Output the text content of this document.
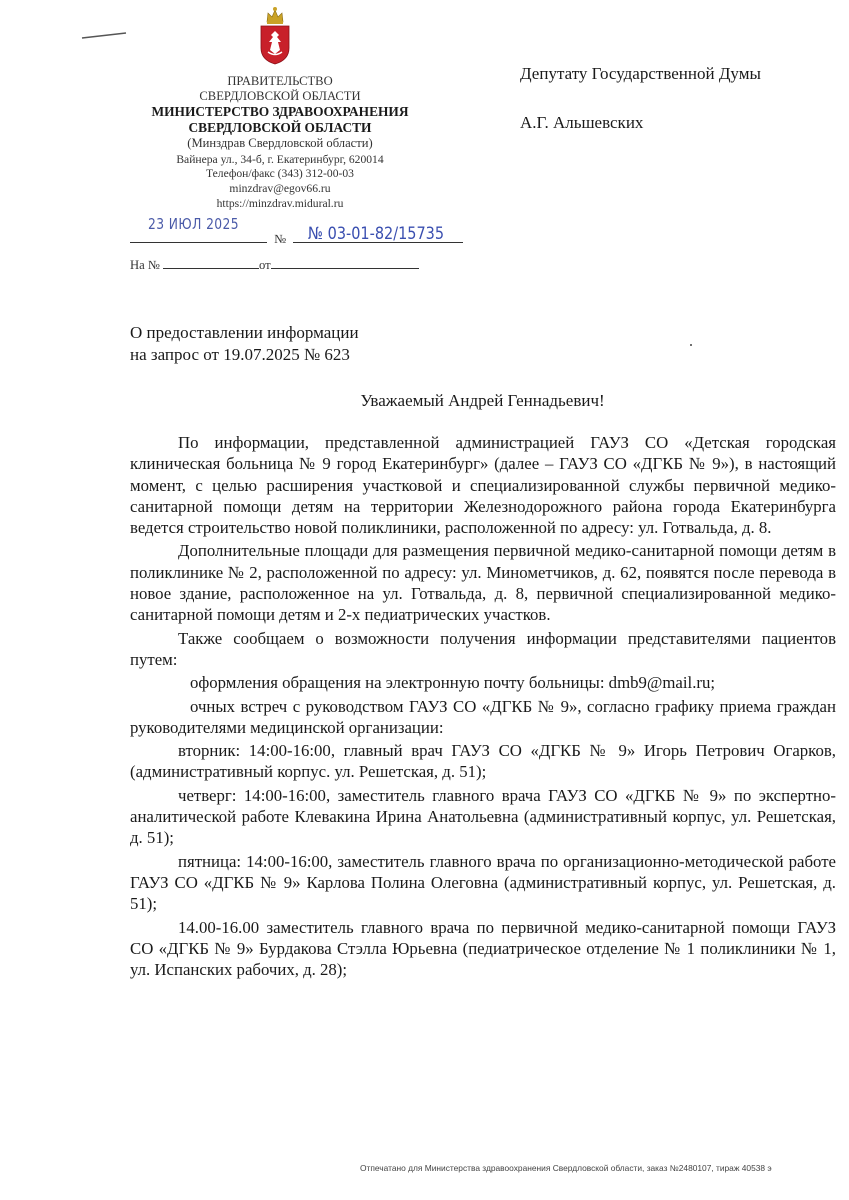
ПРАВИТЕЛЬСТВО
СВЕРДЛОВСКОЙ ОБЛАСТИ
МИНИСТЕРСТВО ЗДРАВООХРАНЕНИЯ
СВЕРДЛОВСКОЙ ОБЛАСТИ
(Минздрав Свердловской области)
Вайнера ул., 34-б, г. Екатеринбург, 620014
Телефон/факс (343) 312-00-03
minzdrav@egov66.ru
https://minzdrav.midural.ru
23 ИЮЛ 2025
№	№ 03-01-82/15735
На №	от
Депутату Государственной Думы
А.Г. Альшевских
О предоставлении информации
на запрос от 19.07.2025 № 623
Уважаемый Андрей Геннадьевич!

По информации, представленной администрацией ГАУЗ СО «Детская городская клиническая больница № 9 город Екатеринбург» (далее – ГАУЗ СО «ДГКБ № 9»), в настоящий момент, с целью расширения участковой и специализированной службы первичной медико-санитарной помощи детям на территории Железнодорожного района города Екатеринбурга ведется строительство новой поликлиники, расположенной по адресу: ул. Готвальда, д. 8.

Дополнительные площади для размещения первичной медико-санитарной помощи детям в поликлинике № 2, расположенной по адресу: ул. Минометчиков, д. 62, появятся после перевода в новое здание, расположенное на ул. Готвальда, д. 8, первичной специализированной медико-санитарной помощи детям и 2-х педиатрических участков.

Также сообщаем о возможности получения информации представителями пациентов путем:

оформления обращения на электронную почту больницы: dmb9@mail.ru;

очных встреч с руководством ГАУЗ СО «ДГКБ № 9», согласно графику приема граждан руководителями медицинской организации:

вторник: 14:00-16:00, главный врач ГАУЗ СО «ДГКБ № 9» Игорь Петрович Огарков, (административный корпус. ул. Решетская, д. 51);

четверг: 14:00-16:00, заместитель главного врача ГАУЗ СО «ДГКБ № 9» по экспертно-аналитической работе Клевакина Ирина Анатольевна (административный корпус, ул. Решетская, д. 51);

пятница: 14:00-16:00, заместитель главного врача по организационно-методической работе ГАУЗ СО «ДГКБ № 9» Карлова Полина Олеговна (административный корпус, ул. Решетская, д. 51);

14.00-16.00 заместитель главного врача по первичной медико-санитарной помощи ГАУЗ СО «ДГКБ № 9» Бурдакова Стэлла Юрьевна (педиатрическое отделение № 1 поликлиники № 1, ул. Испанских рабочих, д. 28);

Отпечатано для Министерства здравоохранения Свердловской области, заказ №2480107, тираж 40538 э
